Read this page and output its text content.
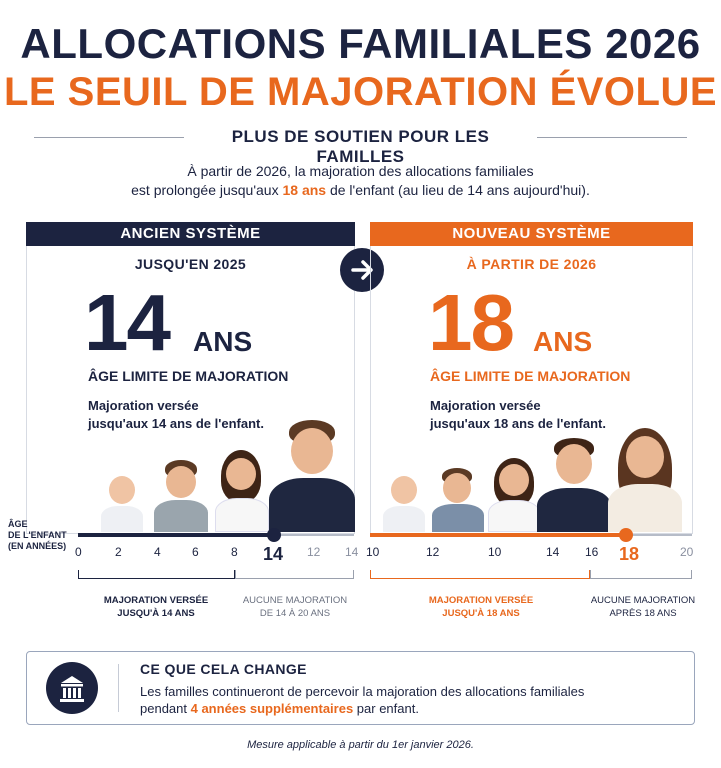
ALLOCATIONS FAMILIALES 2026
LE SEUIL DE MAJORATION ÉVOLUE
PLUS DE SOUTIEN POUR LES FAMILLES
À partir de 2026, la majoration des allocations familiales
est prolongée jusqu'aux 18 ans de l'enfant (au lieu de 14 ans aujourd'hui).
ANCIEN SYSTÈME
JUSQU'EN 2025
14 ANS
ÂGE LIMITE DE MAJORATION
Majoration versée
jusqu'aux 14 ans de l'enfant.
NOUVEAU SYSTÈME
À PARTIR DE 2026
18 ANS
ÂGE LIMITE DE MAJORATION
Majoration versée
jusqu'aux 18 ans de l'enfant.
ÂGE
DE L'ENFANT
(EN ANNÉES) 0	2	4	6	8 14 12 14 10	12	10	14 16 18	20
MAJORATION VERSÉE
JUSQU'À 14 ANS
AUCUNE MAJORATION
DE 14 À 20 ANS
MAJORATION VERSÉE
JUSQU'À 18 ANS
AUCUNE MAJORATION
APRÈS 18 ANS
CE QUE CELA CHANGE
Les familles continueront de percevoir la majoration des allocations familiales
pendant 4 années supplémentaires par enfant.
Mesure applicable à partir du 1er janvier 2026.
